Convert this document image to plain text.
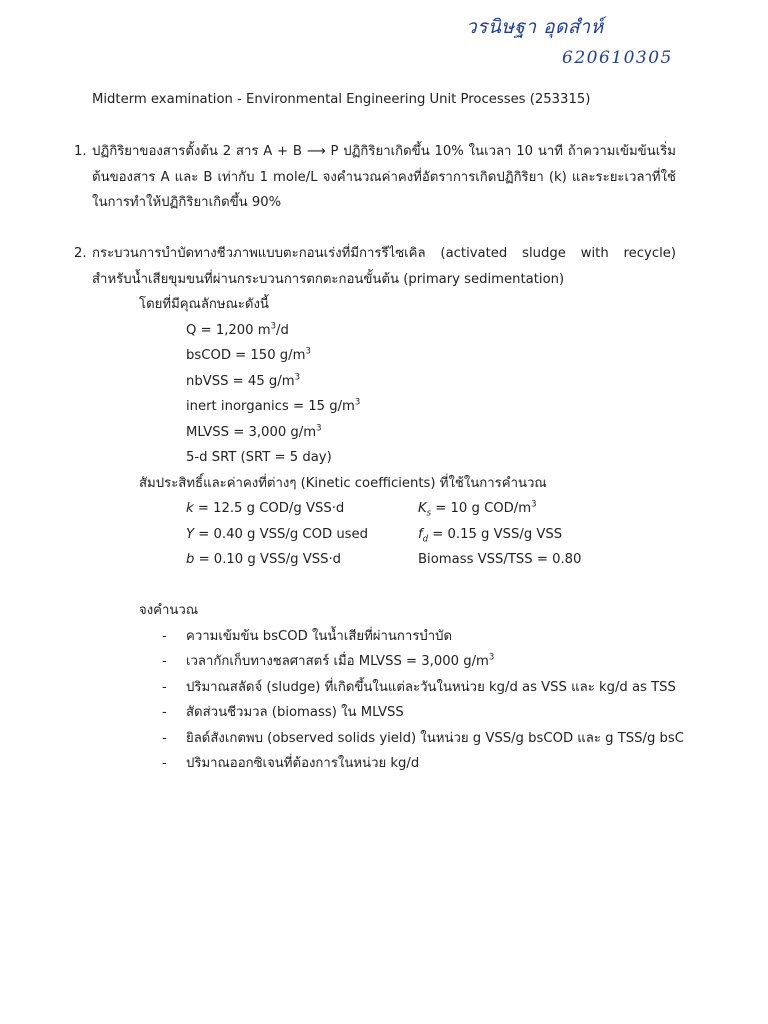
วรนิษฐา อุดสำห์
620610305
Midterm examination - Environmental Engineering Unit Processes (253315)
1. ปฏิกิริยาของสารตั้งต้น 2 สาร A + B ⟶ P ปฏิกิริยาเกิดขึ้น 10% ในเวลา 10 นาที ถ้าความเข้มข้นเริ่มต้นของสาร A และ B เท่ากับ 1 mole/L จงคำนวณค่าคงที่อัตราการเกิดปฏิกิริยา (k) และระยะเวลาที่ใช้ในการทำให้ปฏิกิริยาเกิดขึ้น 90%
2. กระบวนการบำบัดทางชีวภาพแบบตะกอนเร่งที่มีการรีไซเคิล (activated sludge with recycle) สำหรับน้ำเสียขุมขนที่ผ่านกระบวนการตกตะกอนขั้นต้น (primary sedimentation)
โดยที่มีคุณลักษณะดังนี้
Q = 1,200 $m^3/d$
bsCOD = 150 $g/m^3$
nbVSS = 45 $g/m^3$
inert inorganics = 15 $g/m^3$
MLVSS = 3,000 $g/m^3$
5-d SRT (SRT = 5 day)
สัมประสิทธิ์และค่าคงที่ต่างๆ (Kinetic coefficients) ที่ใช้ในการคำนวณ
k = 12.5 g COD/g VSS·d	$K_s = 10$ g COD/$m^3$
Y = 0.40 g VSS/g COD used	$f_d = 0.15$ g VSS/g VSS
b = 0.10 g VSS/g VSS·d	Biomass VSS/TSS = 0.80
จงคำนวณ
- ความเข้มข้น bsCOD ในน้ำเสียที่ผ่านการบำบัด
- เวลากักเก็บทางชลศาสตร์ เมื่อ MLVSS = 3,000 $g/m^3$
- ปริมาณสลัดจ์ (sludge) ที่เกิดขึ้นในแต่ละวันในหน่วย kg/d as VSS และ kg/d as TSS
- สัดส่วนชีวมวล (biomass) ใน MLVSS
- ยิลด์สังเกตพบ (observed solids yield) ในหน่วย g VSS/g bsCOD และ g TSS/g bsC
- ปริมาณออกซิเจนที่ต้องการในหน่วย kg/d
